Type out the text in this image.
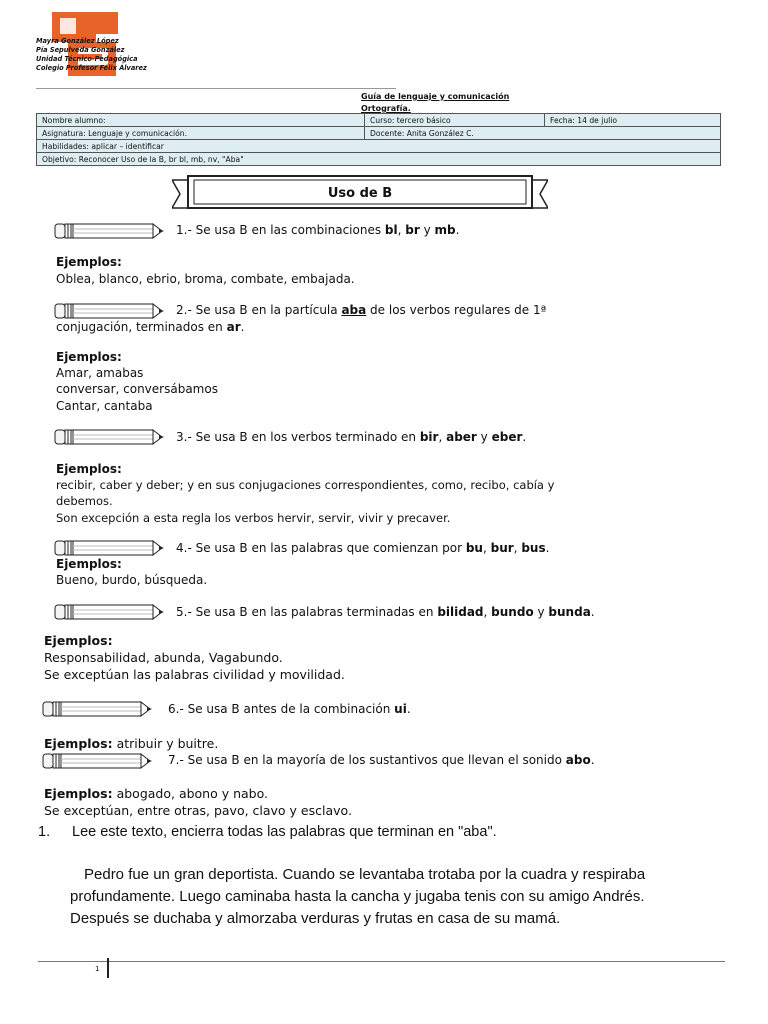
Mayra González López
Pía Sepulveda González
Unidad Técnico-Pedagógica
Colegio Profesor Félix Álvarez
Guía de lenguaje y comunicación
Ortografía.
Nombre alumno:	Curso: tercero básico	Fecha: 14 de julio
Asignatura: Lenguaje y comunicación.	Docente: Anita González C.	
Habilidades: aplicar – identificar		
Objetivo: Reconocer Uso de la B, br bl, mb, nv, "Aba"		
Uso de B
1.- Se usa B en las combinaciones bl, br y mb.
Ejemplos:
Oblea, blanco, ebrio, broma, combate, embajada.
2.- Se usa B en la partícula aba de los verbos regulares de 1ª
conjugación, terminados en ar.
Ejemplos:
Amar, amabas
conversar, conversábamos
Cantar, cantaba
3.- Se usa B en los verbos terminado en bir, aber y eber.
Ejemplos:
recibir, caber y deber; y en sus conjugaciones correspondientes, como, recibo, cabía y
debemos.
Son excepción a esta regla los verbos hervir, servir, vivir y precaver.
4.- Se usa B en las palabras que comienzan por bu, bur, bus.
Ejemplos:
Bueno, burdo, búsqueda.
5.- Se usa B en las palabras terminadas en bilidad, bundo y bunda.
Ejemplos:
Responsabilidad, abunda, Vagabundo.
Se exceptúan las palabras civilidad y movilidad.
6.- Se usa B antes de la combinación ui.
Ejemplos: atribuir y buitre.
7.- Se usa B en la mayoría de los sustantivos que llevan el sonido abo.
Ejemplos: abogado, abono y nabo.
Se exceptúan, entre otras, pavo, clavo y esclavo.
1. Lee este texto, encierra todas las palabras que terminan en "aba".
Pedro fue un gran deportista. Cuando se levantaba trotaba por la cuadra y respiraba
profundamente. Luego caminaba hasta la cancha y jugaba tenis con su amigo Andrés.
Después se duchaba y almorzaba verduras y frutas en casa de su mamá.
1
